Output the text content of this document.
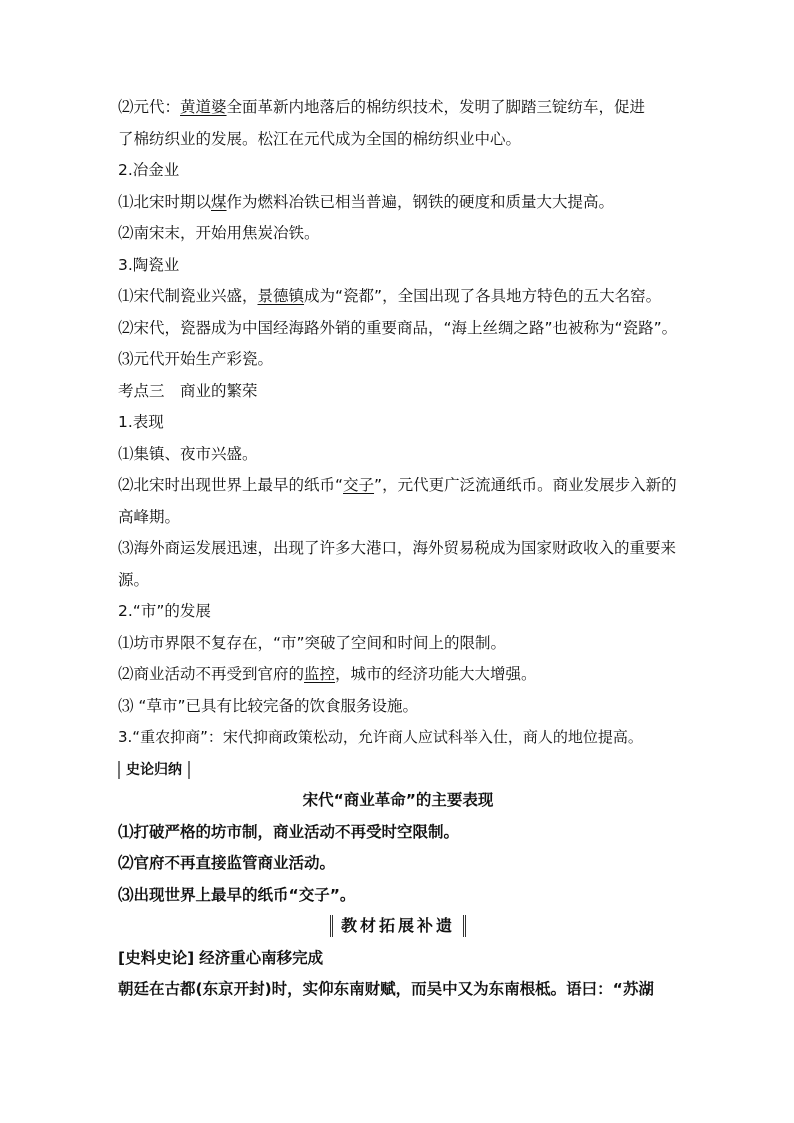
⑵元代：黄道婆全面革新内地落后的棉纺织技术，发明了脚踏三锭纺车，促进
了棉纺织业的发展。松江在元代成为全国的棉纺织业中心。
2.冶金业
⑴北宋时期以煤作为燃料冶铁已相当普遍，钢铁的硬度和质量大大提高。
⑵南宋末，开始用焦炭冶铁。
3.陶瓷业
⑴宋代制瓷业兴盛，景德镇成为“瓷都”，全国出现了各具地方特色的五大名窑。
⑵宋代，瓷器成为中国经海路外销的重要商品，“海上丝绸之路”也被称为“瓷路”。
⑶元代开始生产彩瓷。
考点三　商业的繁荣
1.表现
⑴集镇、夜市兴盛。
⑵北宋时出现世界上最早的纸币“交子”，元代更广泛流通纸币。商业发展步入新的高峰期。
⑶海外商运发展迅速，出现了许多大港口，海外贸易税成为国家财政收入的重要来源。
2.“市”的发展
⑴坊市界限不复存在，“市”突破了空间和时间上的限制。
⑵商业活动不再受到官府的监控，城市的经济功能大大增强。
⑶ “草市”已具有比较完备的饮食服务设施。
3.“重农抑商”：宋代抑商政策松动，允许商人应试科举入仕，商人的地位提高。
史论归纳
宋代“商业革命”的主要表现
⑴打破严格的坊市制，商业活动不再受时空限制。
⑵官府不再直接监管商业活动。
⑶出现世界上最早的纸币“交子”。
教材拓展补遗
[史料史论] 经济重心南移完成
朝廷在古都(东京开封)时，实仰东南财赋，而吴中又为东南根柢。语曰：“苏湖
